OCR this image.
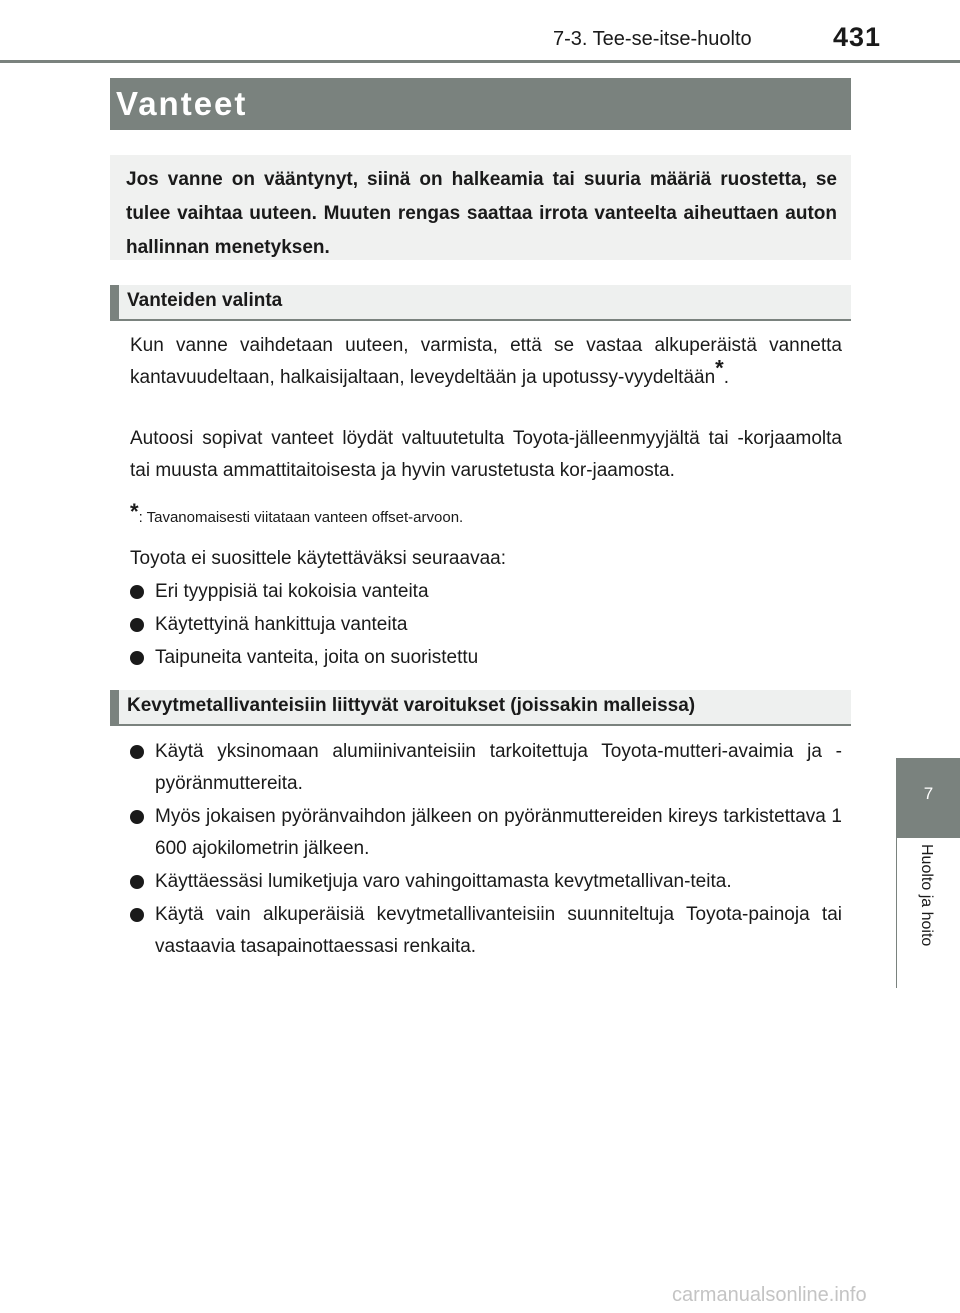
7-3. Tee-se-itse-huolto	431
Vanteet
Jos vanne on vääntynyt, siinä on halkeamia tai suuria määriä ruostetta, se tulee vaihtaa uuteen. Muuten rengas saattaa irrota vanteelta aiheuttaen auton hallinnan menetyksen.
Vanteiden valinta
Kun vanne vaihdetaan uuteen, varmista, että se vastaa alkuperäistä vannetta kantavuudeltaan, halkaisijaltaan, leveydeltään ja upotussy-vyydeltään*.
Autoosi sopivat vanteet löydät valtuutetulta Toyota-jälleenmyyjältä tai -korjaamolta tai muusta ammattitaitoisesta ja hyvin varustetusta kor-jaamosta.
*: Tavanomaisesti viitataan vanteen offset-arvoon.
Toyota ei suosittele käytettäväksi seuraavaa:
Eri tyyppisiä tai kokoisia vanteita
Käytettyinä hankittuja vanteita
Taipuneita vanteita, joita on suoristettu
Kevytmetallivanteisiin liittyvät varoitukset (joissakin malleissa)
Käytä yksinomaan alumiinivanteisiin tarkoitettuja Toyota-mutteri-avaimia ja -pyöränmuttereita.
Myös jokaisen pyöränvaihdon jälkeen on pyöränmuttereiden kireys tarkistettava 1 600 ajokilometrin jälkeen.
Käyttäessäsi lumiketjuja varo vahingoittamasta kevytmetallivan-teita.
Käytä vain alkuperäisiä kevytmetallivanteisiin suunniteltuja Toyota-painoja tai vastaavia tasapainottaessasi renkaita.
7
Huolto ja hoito
carmanualsonline.info
